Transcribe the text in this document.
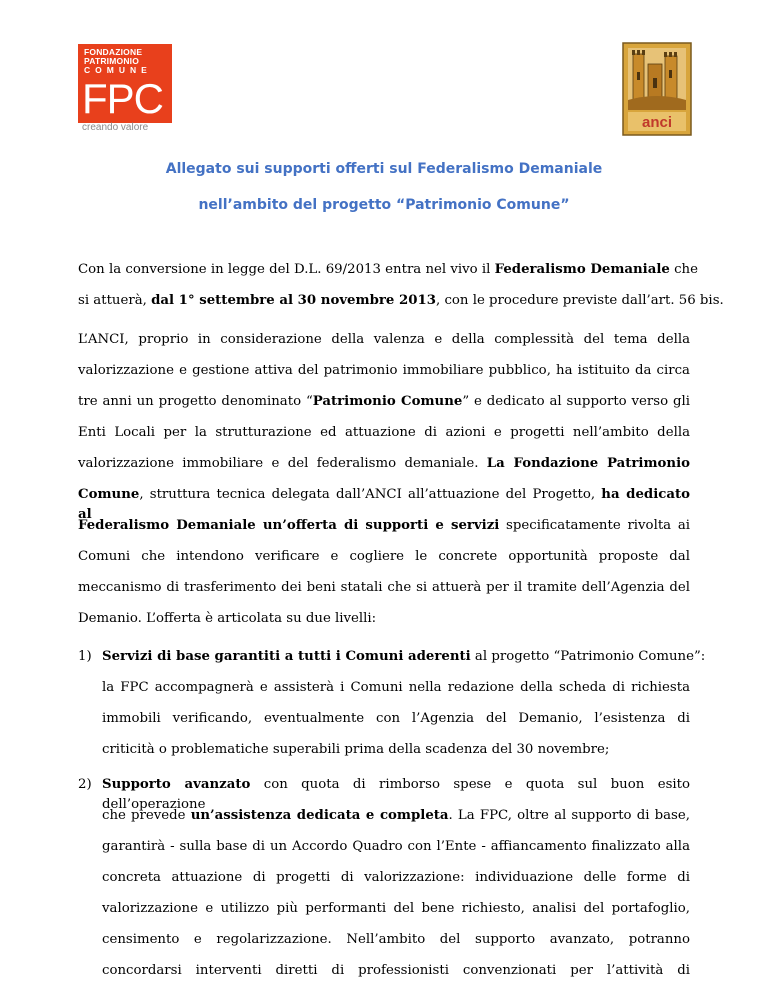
FONDAZIONE
PATRIMONIO
COMUNE
FPC
creando valore	anci
Allegato sui supporti offerti sul Federalismo Demaniale
nell’ambito del progetto “Patrimonio Comune”
Con la conversione in legge del D.L. 69/2013 entra nel vivo il Federalismo Demaniale che
si attuerà, dal 1° settembre al 30 novembre 2013, con le procedure previste dall’art. 56 bis.
L’ANCI, proprio in considerazione della valenza e della complessità del tema della
valorizzazione e gestione attiva del patrimonio immobiliare pubblico, ha istituito da circa
tre anni un progetto denominato “Patrimonio Comune” e dedicato al supporto verso gli
Enti Locali per la strutturazione ed attuazione di azioni e progetti nell’ambito della
valorizzazione immobiliare e del federalismo demaniale. La Fondazione Patrimonio
Comune, struttura tecnica delegata dall’ANCI all’attuazione del Progetto, ha dedicato al
Federalismo Demaniale un’offerta di supporti e servizi specificatamente rivolta ai
Comuni che intendono verificare e cogliere le concrete opportunità proposte dal
meccanismo di trasferimento dei beni statali che si attuerà per il tramite dell’Agenzia del
Demanio. L’offerta è articolata su due livelli:
1) Servizi di base garantiti a tutti i Comuni aderenti al progetto “Patrimonio Comune”:
la FPC accompagnerà e assisterà i Comuni nella redazione della scheda di richiesta
immobili verificando, eventualmente con l’Agenzia del Demanio, l’esistenza di
criticità o problematiche superabili prima della scadenza del 30 novembre;
2) Supporto avanzato con quota di rimborso spese e quota sul buon esito dell’operazione
che prevede un’assistenza dedicata e completa. La FPC, oltre al supporto di base,
garantirà - sulla base di un Accordo Quadro con l’Ente - affiancamento finalizzato alla
concreta attuazione di progetti di valorizzazione: individuazione delle forme di
valorizzazione e utilizzo più performanti del bene richiesto, analisi del portafoglio,
censimento e regolarizzazione. Nell’ambito del supporto avanzato, potranno
concordarsi interventi diretti di professionisti convenzionati per l’attività di
